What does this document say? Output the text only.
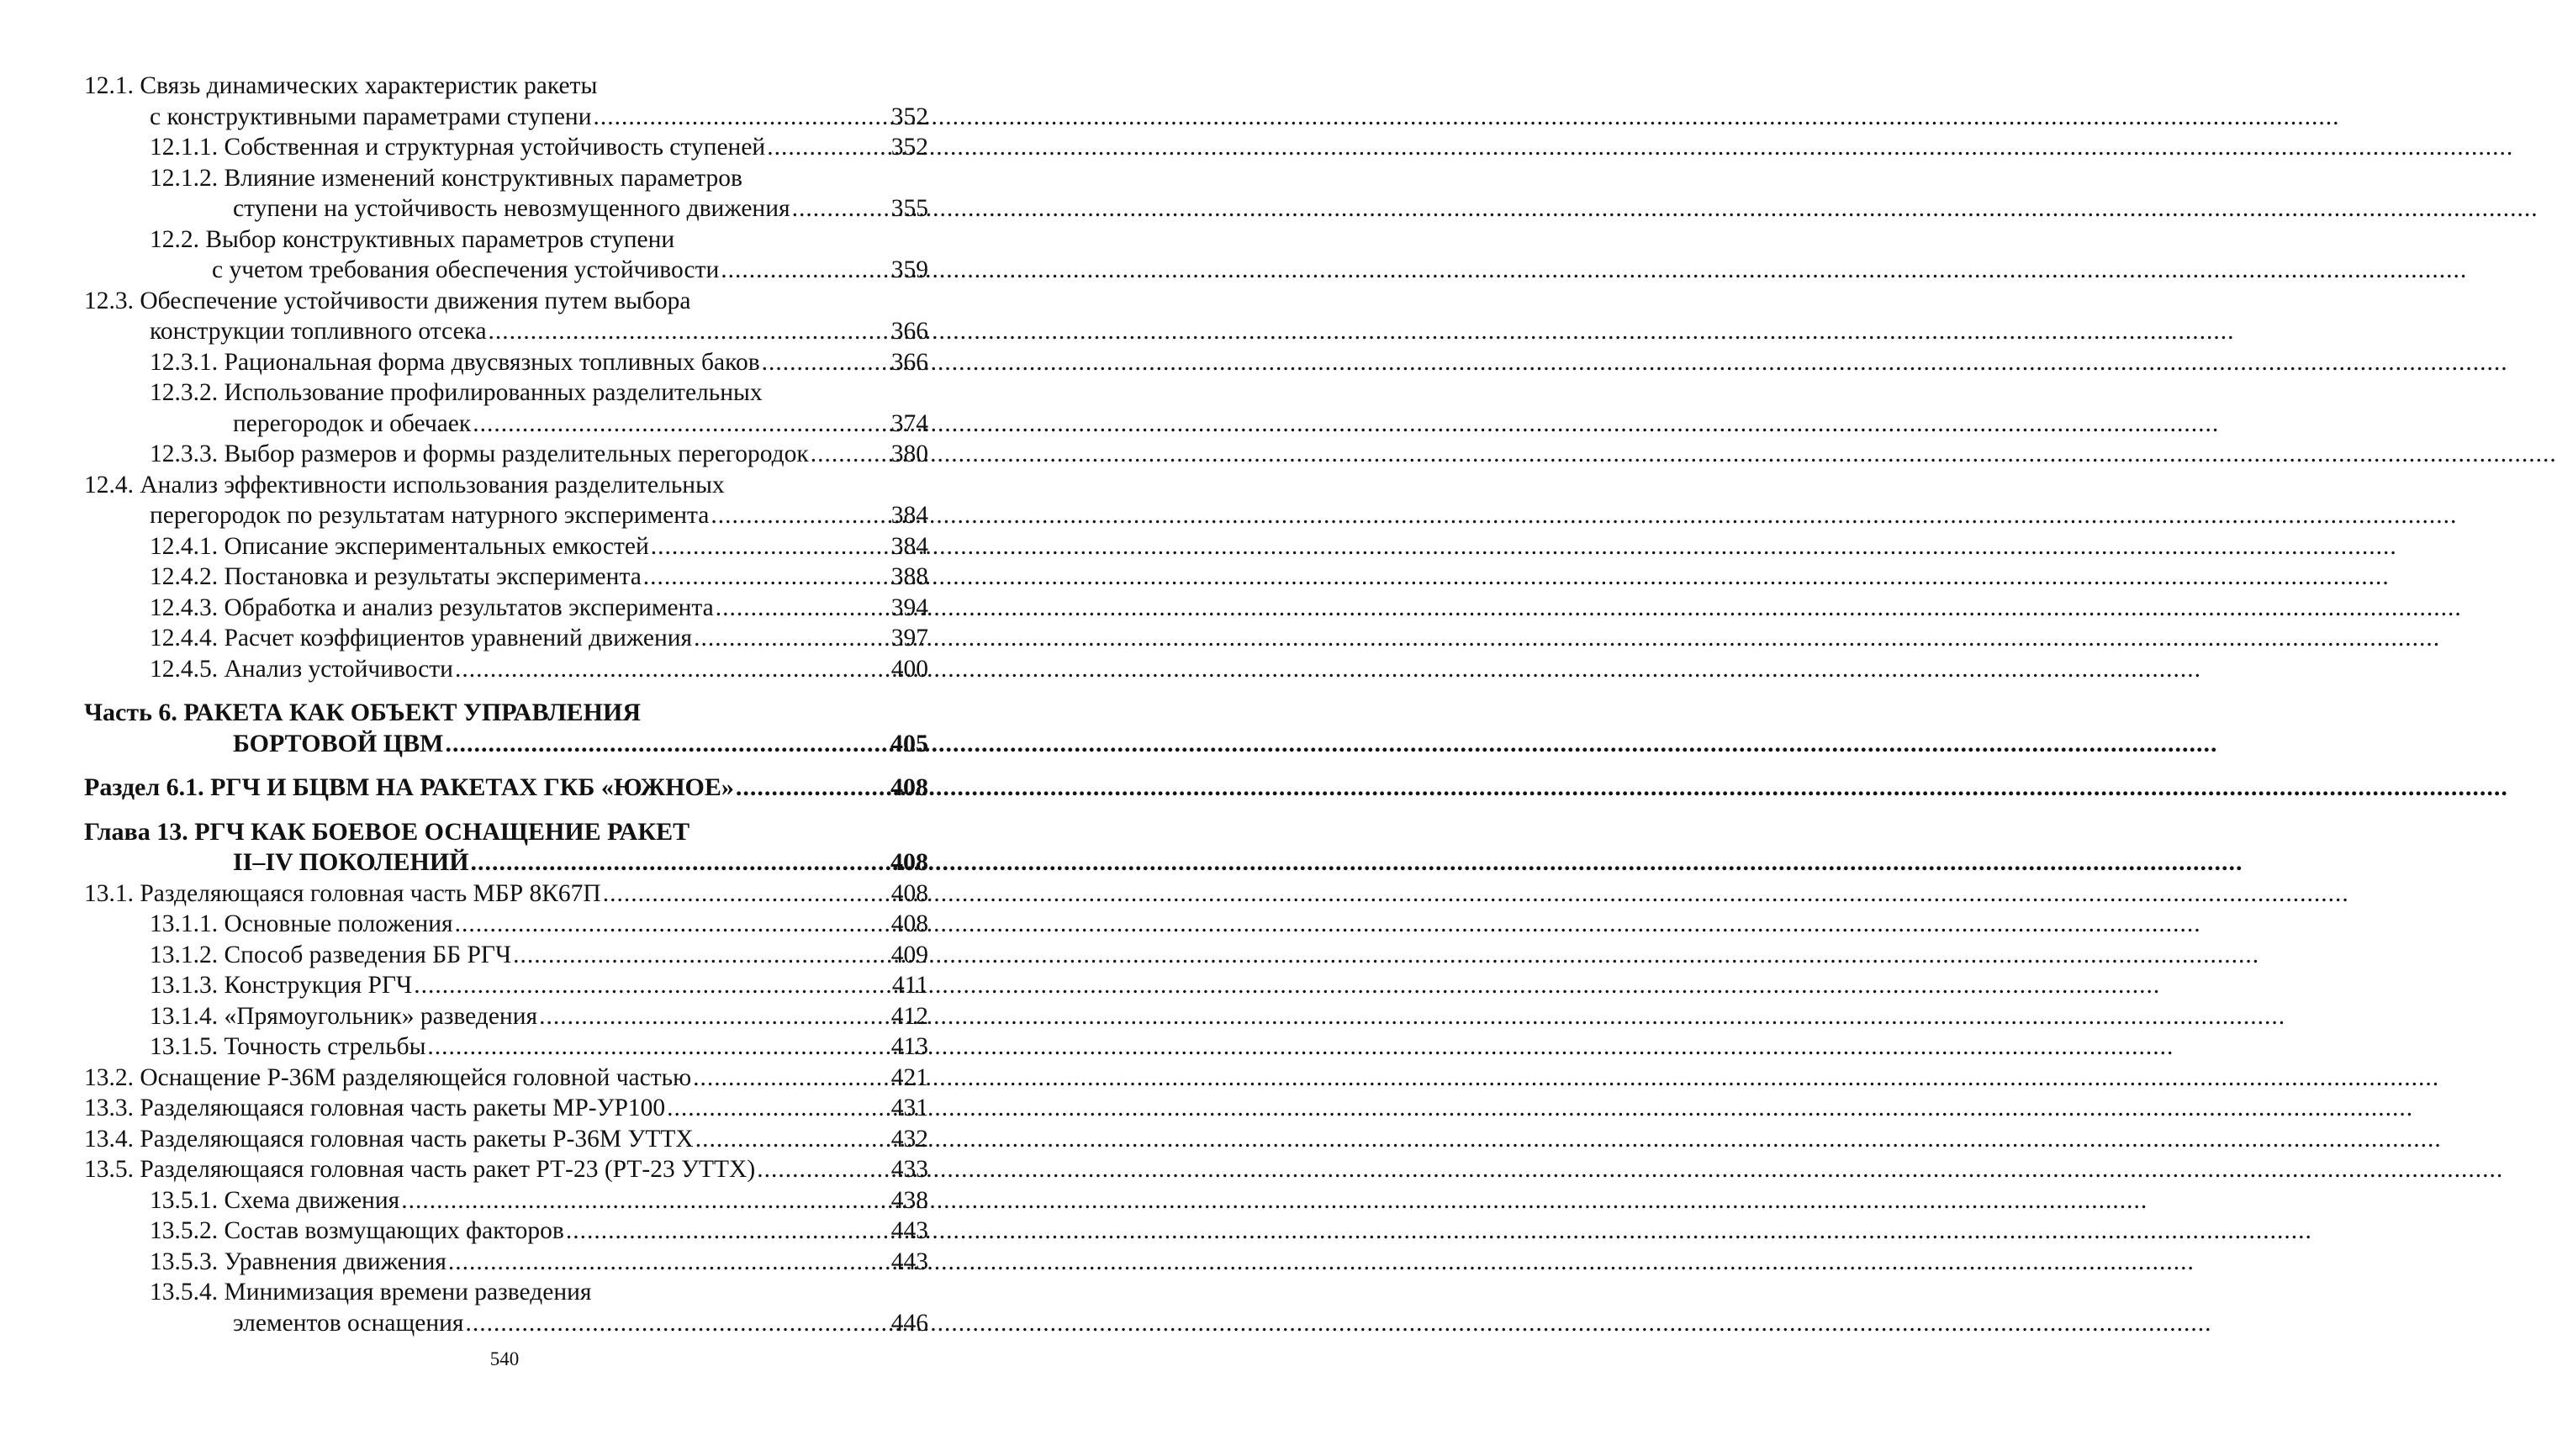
12.1. Связь динамических характеристик ракеты
с конструктивными параметрами ступени .....	352
12.1.1. Собственная и структурная устойчивость ступеней .....	352
12.1.2. Влияние изменений конструктивных параметров
ступени на устойчивость невозмущенного движения .....	355
12.2. Выбор конструктивных параметров ступени
с учетом требования обеспечения устойчивости .....	359
12.3. Обеспечение устойчивости движения путем выбора
конструкции топливного отсека .....	366
12.3.1. Рациональная форма двусвязных топливных баков .....	366
12.3.2. Использование профилированных разделительных
перегородок и обечаек .....	374
12.3.3. Выбор размеров и формы разделительных перегородок .....	380
12.4. Анализ эффективности использования разделительных
перегородок по результатам натурного эксперимента .....	384
12.4.1. Описание экспериментальных емкостей .....	384
12.4.2. Постановка и результаты эксперимента .....	388
12.4.3. Обработка и анализ результатов эксперимента .....	394
12.4.4. Расчет коэффициентов уравнений движения .....	397
12.4.5. Анализ устойчивости .....	400
Часть 6. РАКЕТА КАК ОБЪЕКТ УПРАВЛЕНИЯ
БОРТОВОЙ ЦВМ .....	405
Раздел 6.1. РГЧ И БЦВМ НА РАКЕТАХ ГКБ «ЮЖНОЕ» .....	408
Глава 13. РГЧ КАК БОЕВОЕ ОСНАЩЕНИЕ РАКЕТ
II–IV ПОКОЛЕНИЙ .....	408
13.1. Разделяющаяся головная часть МБР 8К67П .....	408
13.1.1. Основные положения .....	408
13.1.2. Способ разведения ББ РГЧ .....	409
13.1.3. Конструкция РГЧ .....	411
13.1.4. «Прямоугольник» разведения .....	412
13.1.5. Точность стрельбы .....	413
13.2. Оснащение Р-36М разделяющейся головной частью .....	421
13.3. Разделяющаяся головная часть ракеты МР-УР100 .....	431
13.4. Разделяющаяся головная часть ракеты Р-36М УТТХ .....	432
13.5. Разделяющаяся головная часть ракет РТ-23 (РТ-23 УТТХ) .....	433
13.5.1. Схема движения .....	438
13.5.2. Состав возмущающих факторов .....	443
13.5.3. Уравнения движения .....	443
13.5.4. Минимизация времени разведения
элементов оснащения .....	446
540
